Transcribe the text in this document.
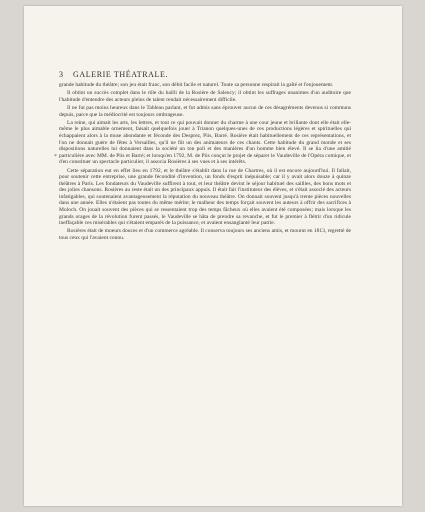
3 GALERIE THÉATRALE.
*

grande habitude du théâtre; son jeu était franc, son débit facile et naturel. Toute sa personne respirait la gaîté et l'enjouement.

Il obtint un succès complet dans le rôle du bailli de la Rosière de Salency; il obtint les suffrages unanimes d'un auditoire que l'habitude d'entendre des acteurs pleins de talent rendait nécessairement difficile.

Il ne fut pas moins heureux dans le Tableau parlant, et fut admis sans éprouver aucun de ces désagréments devenus si communs depuis, parce que la médiocrité est toujours ombrageuse.

La reine, qui aimait les arts, les lettres, et tout ce qui pouvait donner du charme à une cour jeune et brillante dont elle était elle-même le plus aimable ornement, faisait quelquefois jouer à Trianon quelques-unes de ces productions légères et spirituelles qui échappaient alors à la muse abondante et féconde des Desprez, Piis, Barré. Rosière était habituellement de ces représentations, et l'on ne donnait guère de fêtes à Versailles, qu'il ne fût un des animateurs de ces chants. Cette habitude du grand monde et ses dispositions naturelles lui donnaient dans la société un ton poli et des manières d'un homme bien élevé. Il se lia d'une amitié particulière avec MM. de Piis et Barré; et lorsqu'en 1792, M. de Piis conçut le projet de séparer le Vaudeville de l'Opéra comique, et d'en constituer un spectacle particulier, il associa Rosières à ses vues et à ses intérêts.

Cette séparation eut en effet lieu en 1792, et le théâtre s'établit dans la rue de Chartres, où il est encore aujourd'hui. Il fallait, pour soutenir cette entreprise, une grande fécondité d'invention, un fonds d'esprit inépuisable; car il y avait alors douze à quinze théâtres à Paris. Les fondateurs du Vaudeville suffirent à tout, et leur théâtre devint le séjour habituel des saillies, des bons mots et des jolies chansons. Rosières au reste était un des principaux appuis. Il était fait l'instituteur des élèves, et s'était associé des acteurs infatigables, qui soutenaient avantageusement la réputation du nouveau théâtre. On donnait souvent jusqu'à trente pièces nouvelles dans une année. Elles n'étaient pas toutes du même mérite; le malheur des temps forçait souvent les auteurs à offrir des sacrifices à Moloch. On jouait souvent des pièces qui se ressentaient trop des temps fâcheux où elles avaient été composées; mais lorsque les grands orages de la révolution furent passés, le Vaudeville se hâta de prendre sa revanche, et fut le premier à flétrir d'un ridicule ineffaçable ces misérables qui s'étaient emparés de la puissance, et avaient ensanglanté leur patrie.

Rosières était de moeurs douces et d'un commerce agréable. Il conserva toujours ses anciens amis, et mourut en 1813, regretté de tous ceux qui l'avaient connu.
